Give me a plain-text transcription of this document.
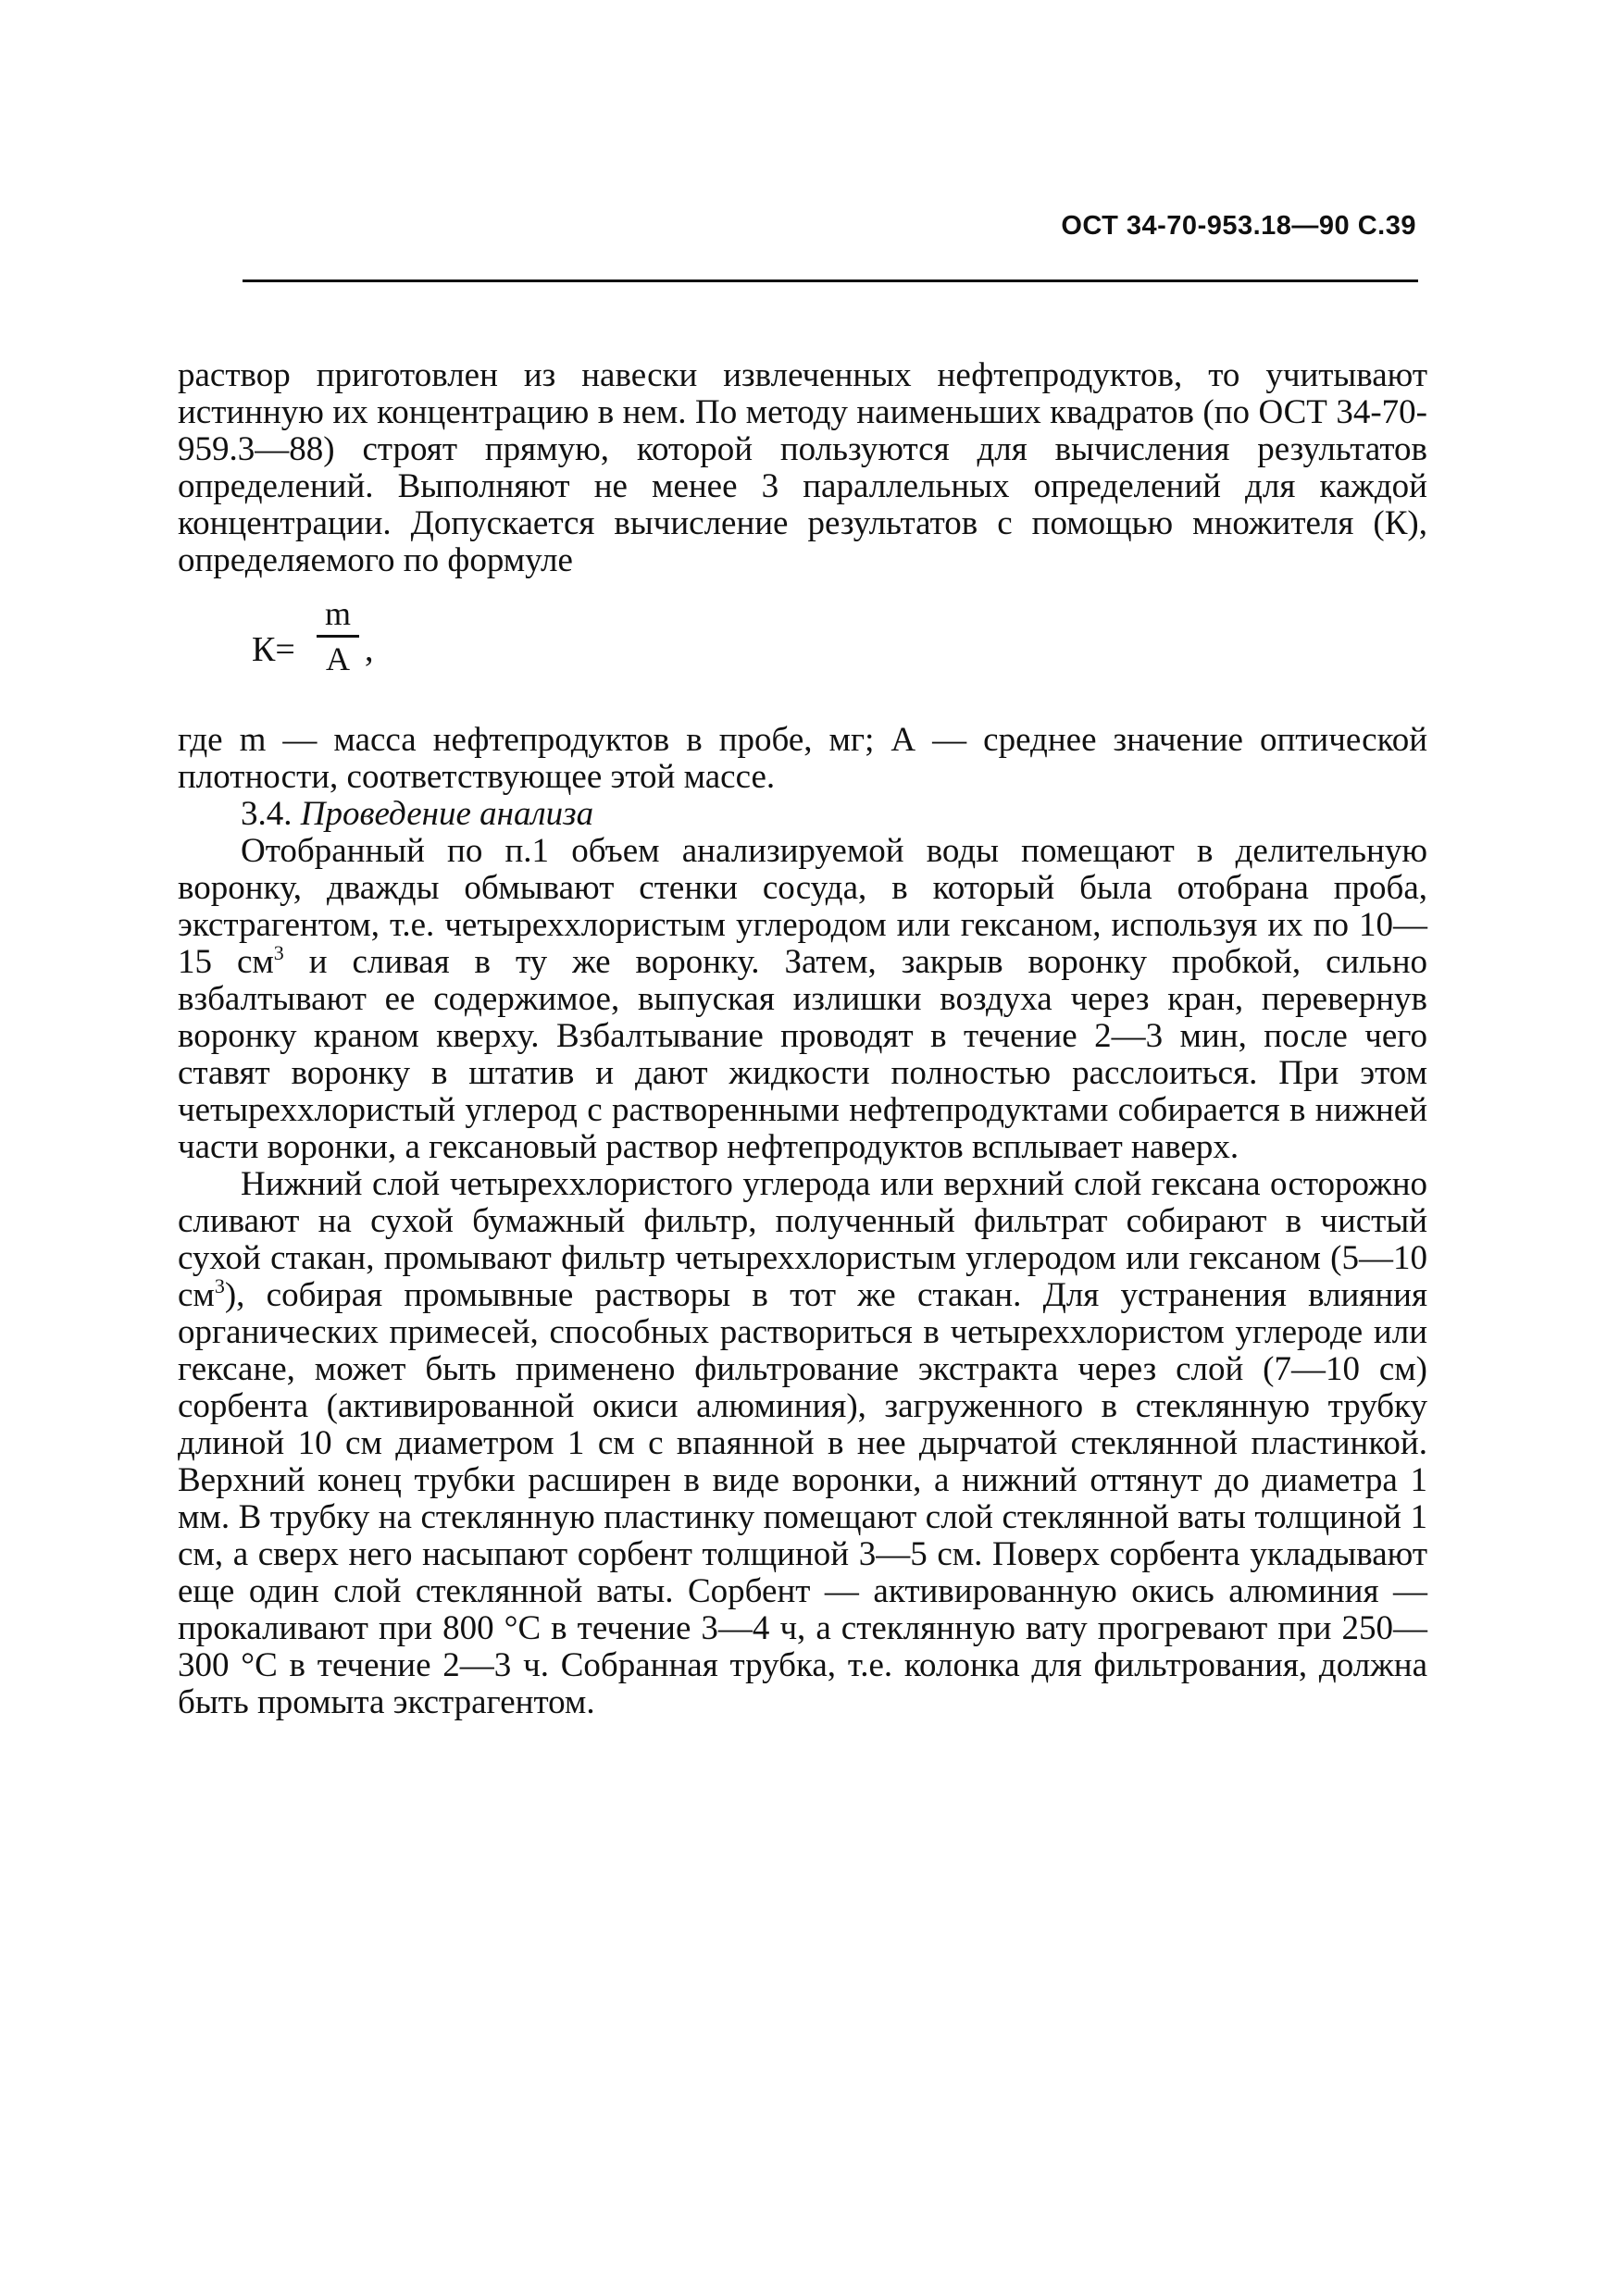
ОСТ 34-70-953.18—90 С.39

раствор приготовлен из навески извлеченных нефтепродуктов, то учитывают истинную их концентрацию в нем. По методу наименьших квадратов (по ОСТ 34-70-959.3—88) строят прямую, которой пользуются для вычисления результатов определений. Выполняют не менее 3 параллельных определений для каждой концентрации. Допускается вычисление результатов с помощью множителя (К), определяемого по формуле

К=
m
A ,

где m — масса нефтепродуктов в пробе, мг; А — среднее значение оптической плотности, соответствующее этой массе.

3.4. Проведение анализа

Отобранный по п.1 объем анализируемой воды помещают в делительную воронку, дважды обмывают стенки сосуда, в который была отобрана проба, экстрагентом, т.е. четыреххлористым углеродом или гексаном, используя их по 10—15 $см^3$ и сливая в ту же воронку. Затем, закрыв воронку пробкой, сильно взбалтывают ее содержимое, выпуская излишки воздуха через кран, перевернув воронку краном кверху. Взбалтывание проводят в течение 2—3 мин, после чего ставят воронку в штатив и дают жидкости полностью расслоиться. При этом четыреххлористый углерод с растворенными нефтепродуктами собирается в нижней части воронки, а гексановый раствор нефтепродуктов всплывает наверх.

Нижний слой четыреххлористого углерода или верхний слой гексана осторожно сливают на сухой бумажный фильтр, полученный фильтрат собирают в чистый сухой стакан, промывают фильтр четыреххлористым углеродом или гексаном (5—10 $см^3$), собирая промывные растворы в тот же стакан. Для устранения влияния органических примесей, способных раствориться в четыреххлористом углероде или гексане, может быть применено фильтрование экстракта через слой (7—10 см) сорбента (активированной окиси алюминия), загруженного в стеклянную трубку длиной 10 см диаметром 1 см с впаянной в нее дырчатой стеклянной пластинкой. Верхний конец трубки расширен в виде воронки, а нижний оттянут до диаметра 1 мм. В трубку на стеклянную пластинку помещают слой стеклянной ваты толщиной 1 см, а сверх него насыпают сорбент толщиной 3—5 см. Поверх сорбента укладывают еще один слой стеклянной ваты. Сорбент — активированную окись алюминия — прокаливают при 800 °С в течение 3—4 ч, а стеклянную вату прогревают при 250—300 °С в течение 2—3 ч. Собранная трубка, т.е. колонка для фильтрования, должна быть промыта экстрагентом.
